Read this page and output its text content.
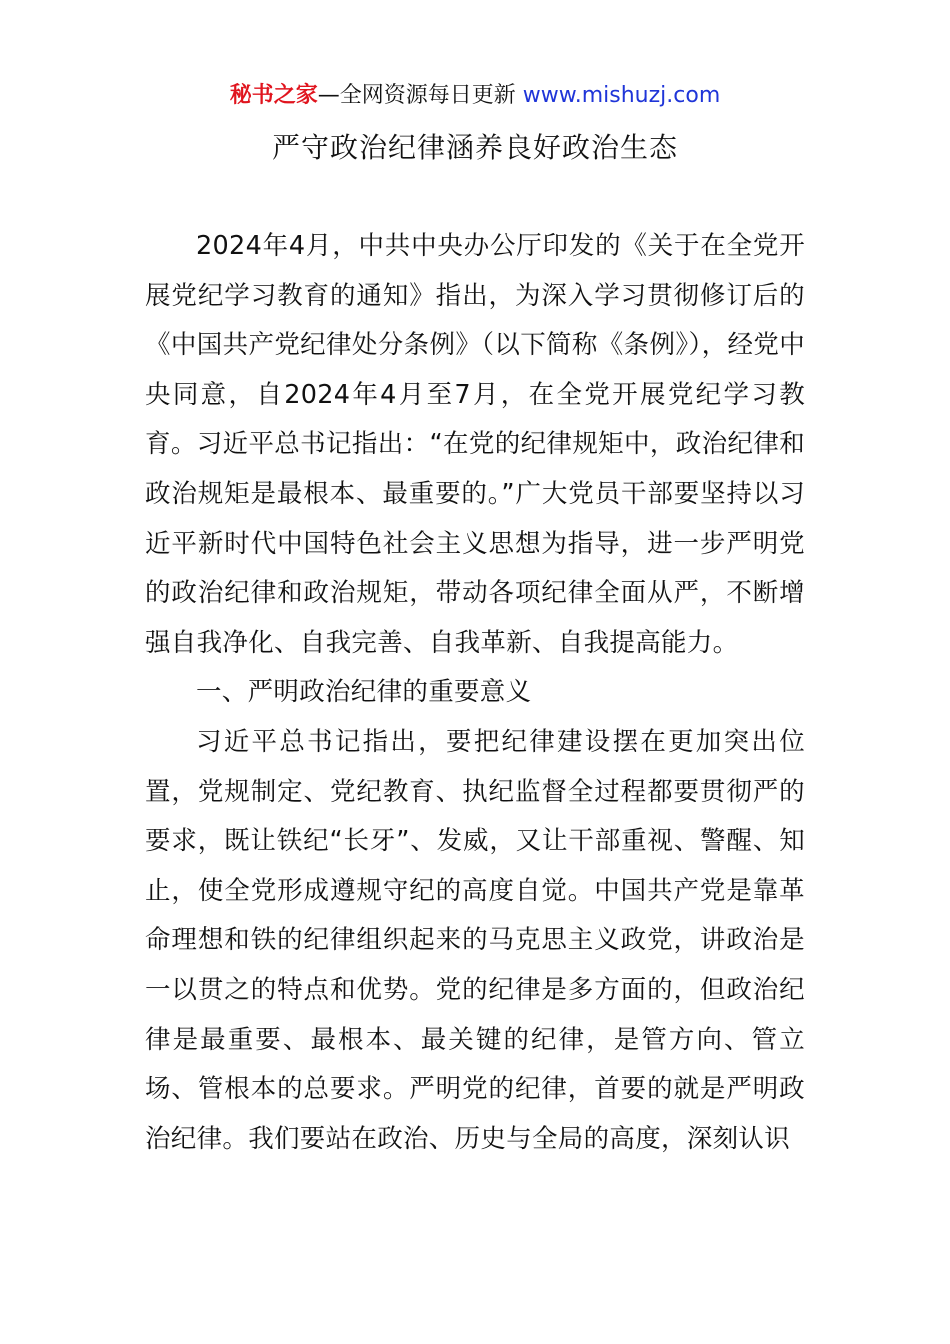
秘书之家—全网资源每日更新 www.mishuzj.com
严守政治纪律涵养良好政治生态

2024年4月，中共中央办公厅印发的《关于在全党开展党纪学习教育的通知》指出，为深入学习贯彻修订后的《中国共产党纪律处分条例》（以下简称《条例》），经党中央同意，自2024年4月至7月，在全党开展党纪学习教育。习近平总书记指出：“在党的纪律规矩中，政治纪律和政治规矩是最根本、最重要的。”广大党员干部要坚持以习近平新时代中国特色社会主义思想为指导，进一步严明党的政治纪律和政治规矩，带动各项纪律全面从严，不断增强自我净化、自我完善、自我革新、自我提高能力。

一、严明政治纪律的重要意义

习近平总书记指出，要把纪律建设摆在更加突出位置，党规制定、党纪教育、执纪监督全过程都要贯彻严的要求，既让铁纪“长牙”、发威，又让干部重视、警醒、知止，使全党形成遵规守纪的高度自觉。中国共产党是靠革命理想和铁的纪律组织起来的马克思主义政党，讲政治是一以贯之的特点和优势。党的纪律是多方面的，但政治纪律是最重要、最根本、最关键的纪律，是管方向、管立场、管根本的总要求。严明党的纪律，首要的就是严明政治纪律。我们要站在政治、历史与全局的高度，深刻认识
